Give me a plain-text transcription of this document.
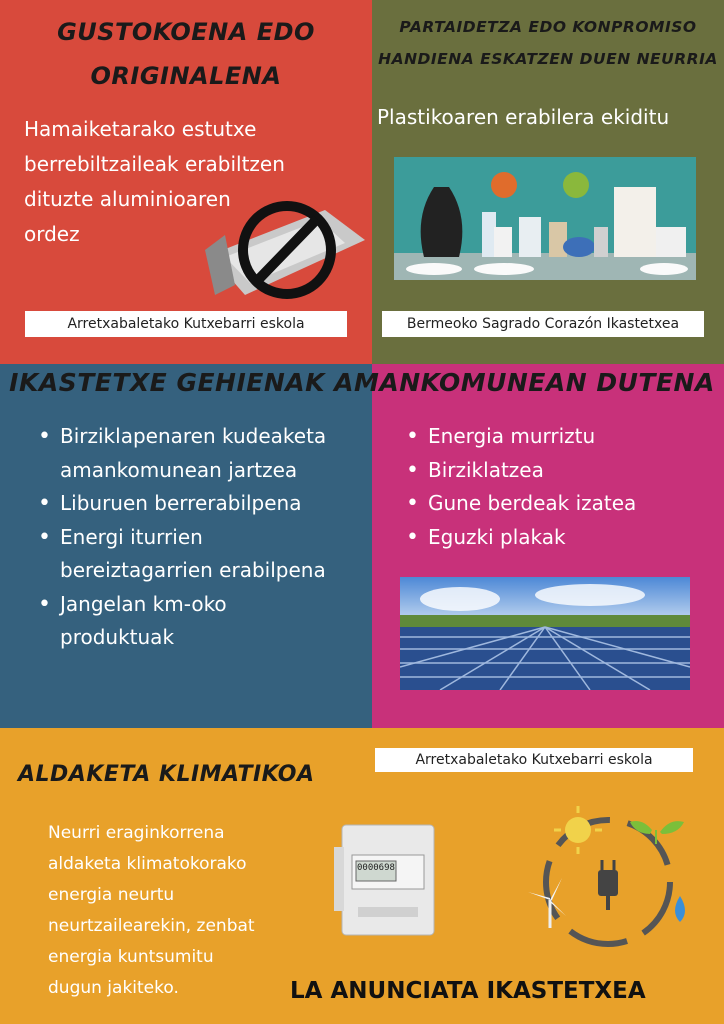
GUSTOKOENA EDO
ORIGINALENA
Hamaiketarako estutxe
berrebiltzaileak erabiltzen
dituzte aluminioaren
ordez
Arretxabaletako Kutxebarri eskola
PARTAIDETZA EDO KONPROMISO
HANDIENA ESKATZEN DUEN NEURRIA
Plastikoaren erabilera ekiditu
Bermeoko Sagrado Corazón Ikastetxea
IKASTETXE GEHIENAK AMANKOMUNEAN DUTENA
• Birziklapenaren kudeaketa
amankomunean jartzea
• Liburuen berrerabilpena
• Energi iturrien
bereiztagarrien erabilpena
• Jangelan km-oko
produktuak
• Energia murriztu
• Birziklatzea
• Gune berdeak izatea
• Eguzki plakak
Arretxabaletako Kutxebarri eskola
ALDAKETA KLIMATIKOA
Neurri eraginkorrena
aldaketa klimatokorako
energia neurtu
neurtzailearekin, zenbat
energia kuntsumitu
dugun jakiteko.
0000698
LA ANUNCIATA IKASTETXEA
